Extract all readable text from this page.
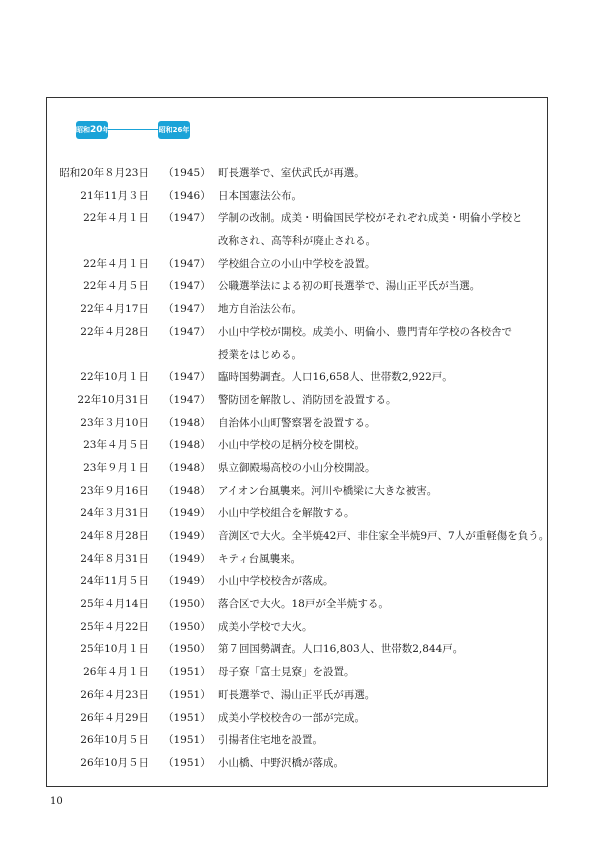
昭和20年	昭和26年
昭和20年８月23日 （1945） 町長選挙で、室伏武氏が再選。
21年11月３日 （1946） 日本国憲法公布。
22年４月１日 （1947） 学制の改制。成美・明倫国民学校がそれぞれ成美・明倫小学校と
改称され、高等科が廃止される。
22年４月１日 （1947） 学校組合立の小山中学校を設置。
22年４月５日 （1947） 公職選挙法による初の町長選挙で、湯山正平氏が当選。
22年４月17日 （1947） 地方自治法公布。
22年４月28日 （1947） 小山中学校が開校。成美小、明倫小、豊門青年学校の各校舎で
授業をはじめる。
22年10月１日 （1947） 臨時国勢調査。人口16,658人、世帯数2,922戸。
22年10月31日 （1947） 警防団を解散し、消防団を設置する。
23年３月10日 （1948） 自治体小山町警察署を設置する。
23年４月５日 （1948） 小山中学校の足柄分校を開校。
23年９月１日 （1948） 県立御殿場高校の小山分校開設。
23年９月16日 （1948） アイオン台風襲来。河川や橋梁に大きな被害。
24年３月31日 （1949） 小山中学校組合を解散する。
24年８月28日 （1949） 音渕区で大火。全半焼42戸、非住家全半焼9戸、7人が重軽傷を負う。
24年８月31日 （1949） キティ台風襲来。
24年11月５日 （1949） 小山中学校校舎が落成。
25年４月14日 （1950） 落合区で大火。18戸が全半焼する。
25年４月22日 （1950） 成美小学校で大火。
25年10月１日 （1950） 第７回国勢調査。人口16,803人、世帯数2,844戸。
26年４月１日 （1951） 母子寮「富士見寮」を設置。
26年４月23日 （1951） 町長選挙で、湯山正平氏が再選。
26年４月29日 （1951） 成美小学校校舎の一部が完成。
26年10月５日 （1951） 引揚者住宅地を設置。
26年10月５日 （1951） 小山橋、中野沢橋が落成。
10
